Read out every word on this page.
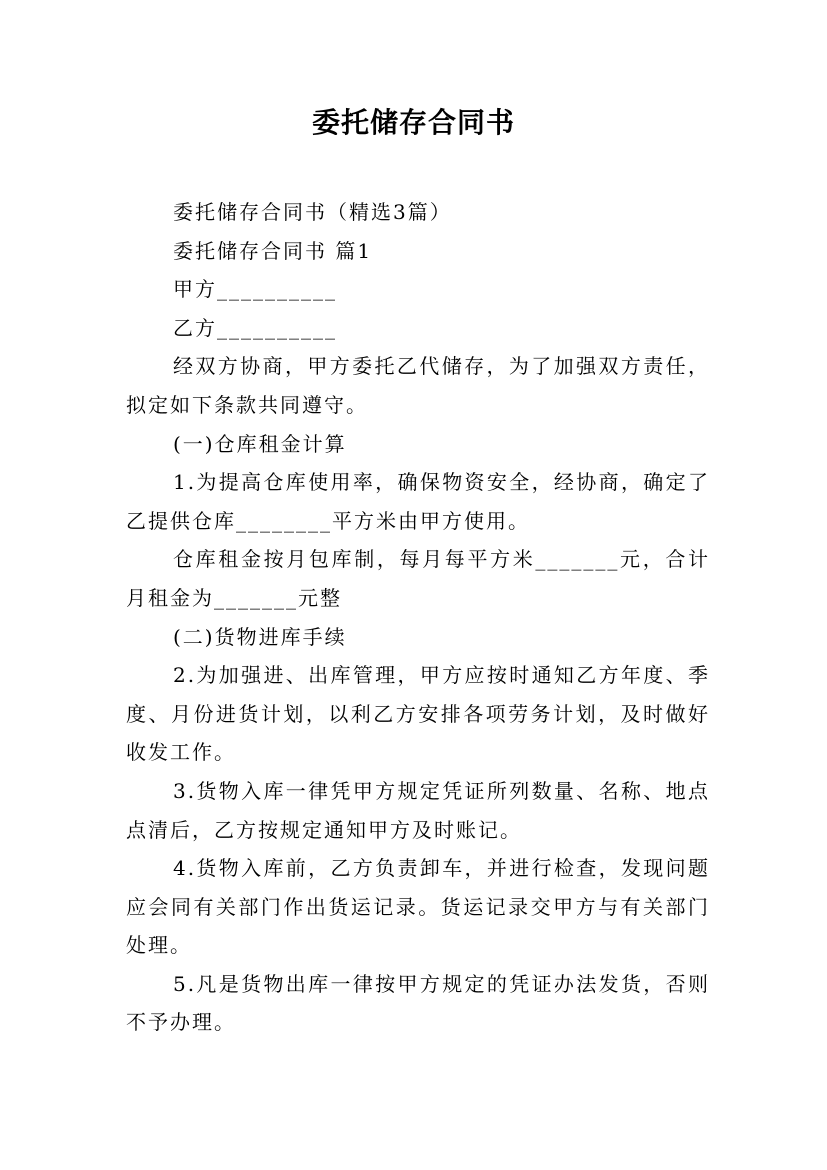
委托储存合同书

委托储存合同书（精选3篇）

委托储存合同书 篇1

甲方__________

乙方__________

经双方协商，甲方委托乙代储存，为了加强双方责任，拟定如下条款共同遵守。

(一)仓库租金计算

1.为提高仓库使用率，确保物资安全，经协商，确定了乙提供仓库________平方米由甲方使用。

仓库租金按月包库制，每月每平方米_______元，合计月租金为_______元整

(二)货物进库手续

2.为加强进、出库管理，甲方应按时通知乙方年度、季度、月份进货计划，以利乙方安排各项劳务计划，及时做好收发工作。

3.货物入库一律凭甲方规定凭证所列数量、名称、地点点清后，乙方按规定通知甲方及时账记。

4.货物入库前，乙方负责卸车，并进行检查，发现问题应会同有关部门作出货运记录。货运记录交甲方与有关部门处理。

5.凡是货物出库一律按甲方规定的凭证办法发货，否则不予办理。
